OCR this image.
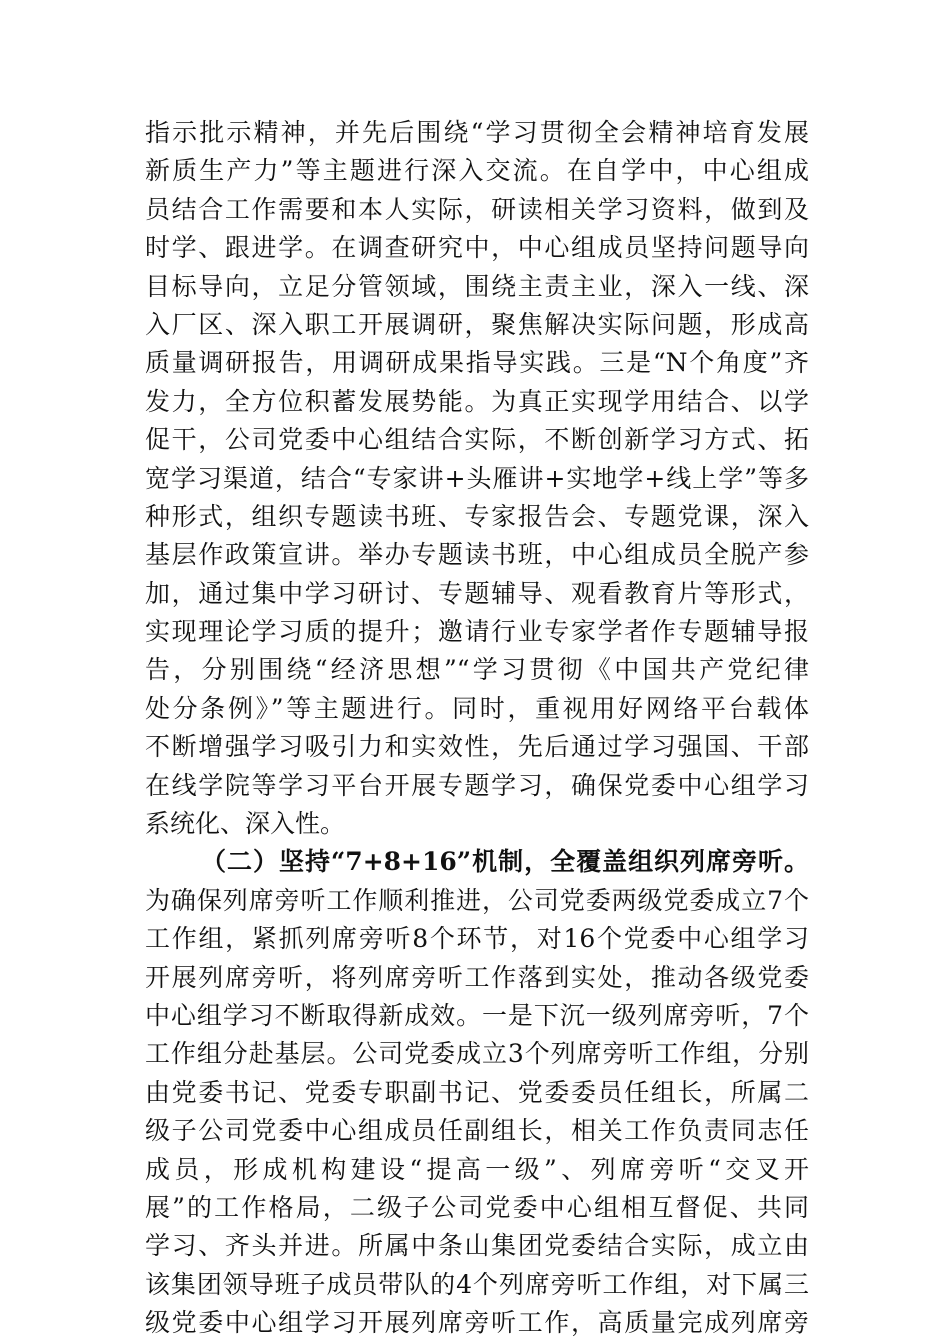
指示批示精神，并先后围绕“学习贯彻全会精神培育发展
新质生产力”等主题进行深入交流。在自学中，中心组成
员结合工作需要和本人实际，研读相关学习资料，做到及
时学、跟进学。在调查研究中，中心组成员坚持问题导向
目标导向，立足分管领域，围绕主责主业，深入一线、深
入厂区、深入职工开展调研，聚焦解决实际问题，形成高
质量调研报告，用调研成果指导实践。三是“N个角度”齐
发力，全方位积蓄发展势能。为真正实现学用结合、以学
促干，公司党委中心组结合实际，不断创新学习方式、拓
宽学习渠道，结合“专家讲+头雁讲+实地学+线上学”等多
种形式，组织专题读书班、专家报告会、专题党课，深入
基层作政策宣讲。举办专题读书班，中心组成员全脱产参
加，通过集中学习研讨、专题辅导、观看教育片等形式，
实现理论学习质的提升；邀请行业专家学者作专题辅导报
告，分别围绕“经济思想”“学习贯彻《中国共产党纪律
处分条例》”等主题进行。同时，重视用好网络平台载体
不断增强学习吸引力和实效性，先后通过学习强国、干部
在线学院等学习平台开展专题学习，确保党委中心组学习
系统化、深入性。
（二）坚持“7+8+16”机制，全覆盖组织列席旁听。
为确保列席旁听工作顺利推进，公司党委两级党委成立7个
工作组，紧抓列席旁听8个环节，对16个党委中心组学习
开展列席旁听，将列席旁听工作落到实处，推动各级党委
中心组学习不断取得新成效。一是下沉一级列席旁听，7个
工作组分赴基层。公司党委成立3个列席旁听工作组，分别
由党委书记、党委专职副书记、党委委员任组长，所属二
级子公司党委中心组成员任副组长，相关工作负责同志任
成员，形成机构建设“提高一级”、列席旁听“交叉开
展”的工作格局，二级子公司党委中心组相互督促、共同
学习、齐头并进。所属中条山集团党委结合实际，成立由
该集团领导班子成员带队的4个列席旁听工作组，对下属三
级党委中心组学习开展列席旁听工作，高质量完成列席旁
